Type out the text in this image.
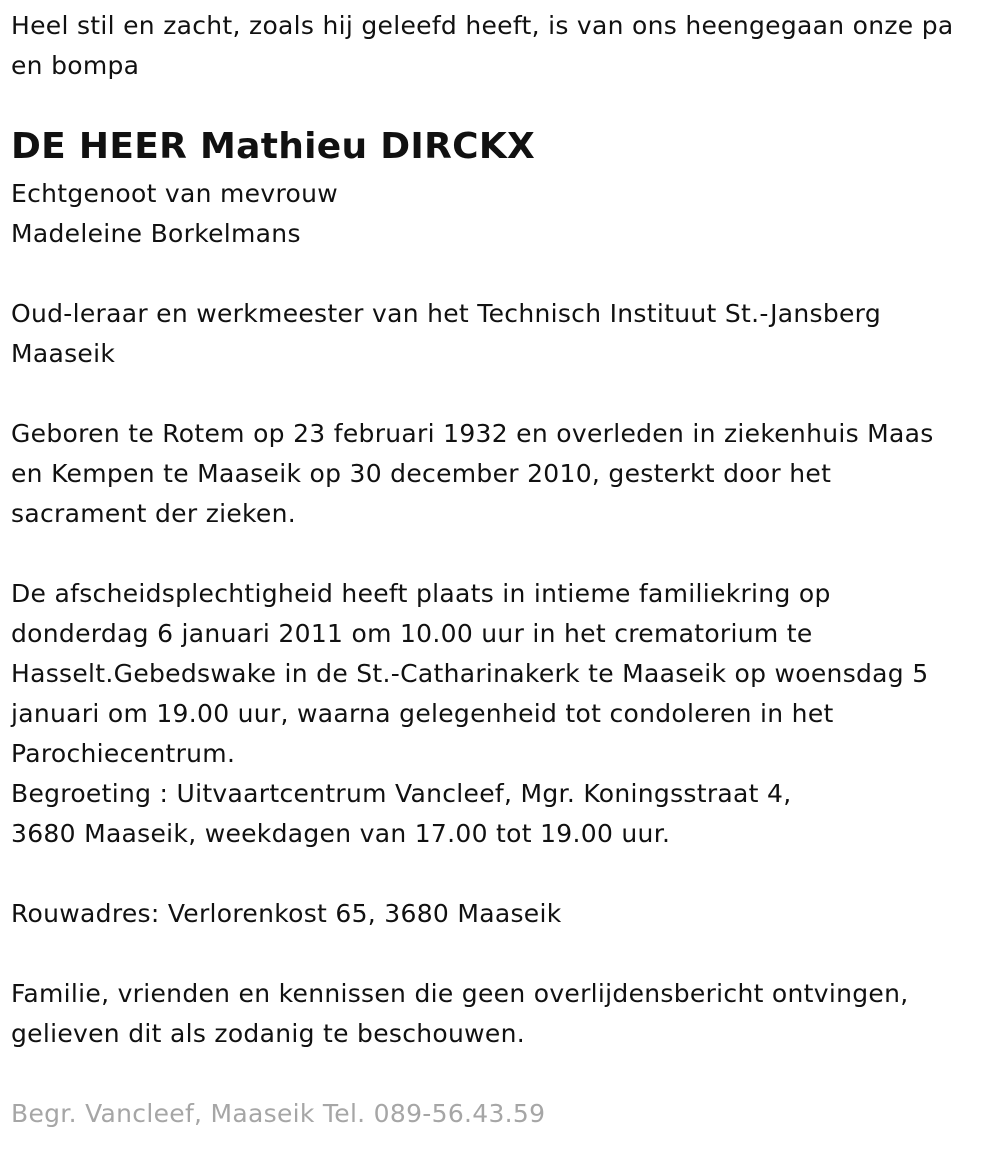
Heel stil en zacht, zoals hij geleefd heeft, is van ons heengegaan onze pa
en bompa
DE HEER Mathieu DIRCKX
Echtgenoot van mevrouw
Madeleine Borkelmans
Oud-leraar en werkmeester van het Technisch Instituut St.-Jansberg
Maaseik
Geboren te Rotem op 23 februari 1932 en overleden in ziekenhuis Maas
en Kempen te Maaseik op 30 december 2010, gesterkt door het
sacrament der zieken.
De afscheidsplechtigheid heeft plaats in intieme familiekring op
donderdag 6 januari 2011 om 10.00 uur in het crematorium te
Hasselt.Gebedswake in de St.-Catharinakerk te Maaseik op woensdag 5
januari om 19.00 uur, waarna gelegenheid tot condoleren in het
Parochiecentrum.
Begroeting : Uitvaartcentrum Vancleef, Mgr. Koningsstraat 4,
3680 Maaseik, weekdagen van 17.00 tot 19.00 uur.
Rouwadres: Verlorenkost 65, 3680 Maaseik
Familie, vrienden en kennissen die geen overlijdensbericht ontvingen,
gelieven dit als zodanig te beschouwen.
Begr. Vancleef, Maaseik Tel. 089-56.43.59
